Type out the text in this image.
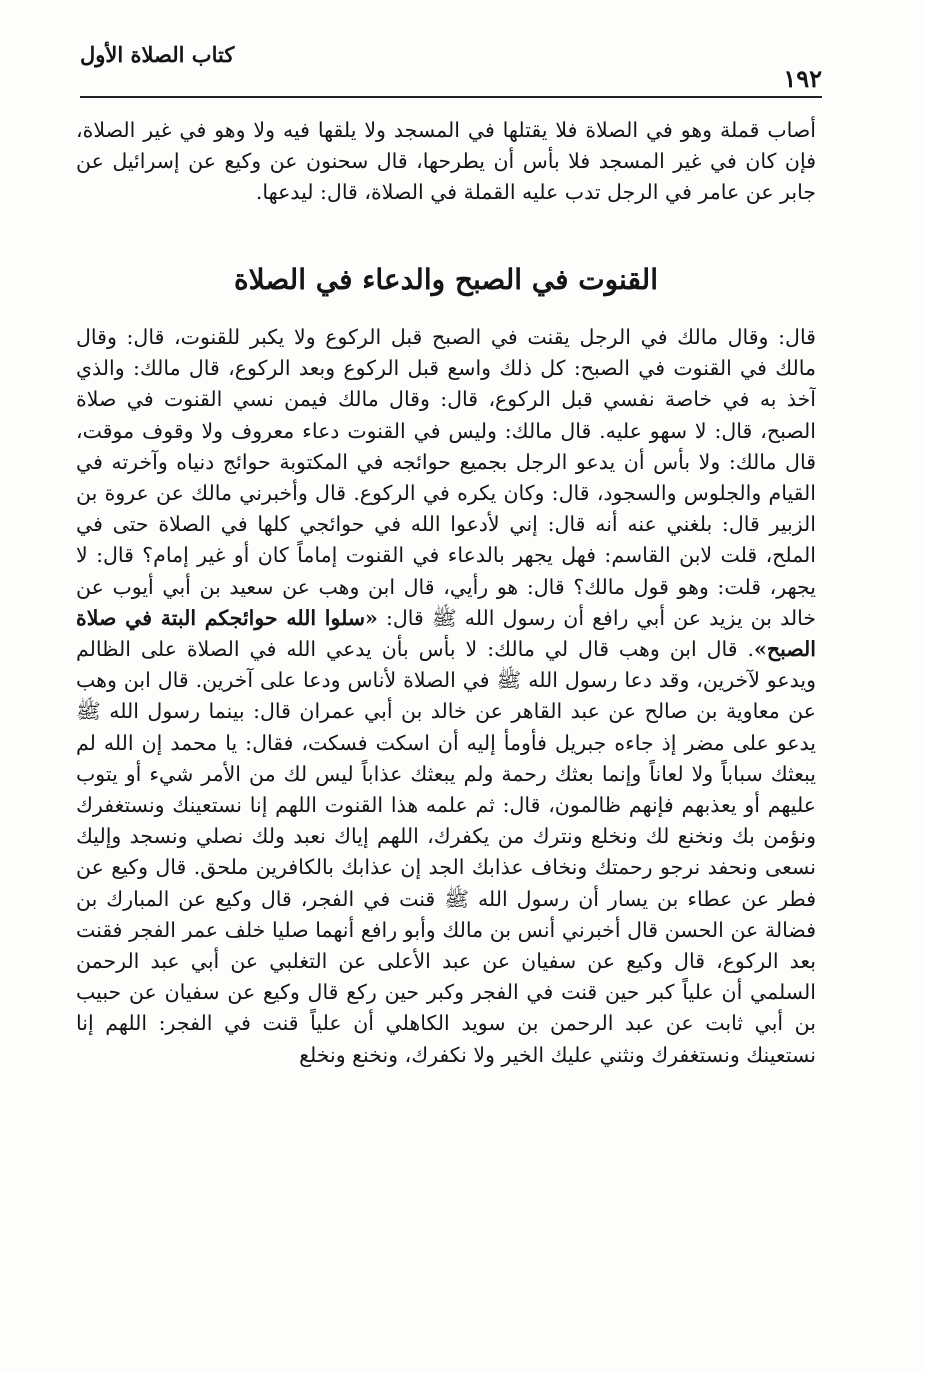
كتاب الصلاة الأول
١٩٢
أصاب قملة وهو في الصلاة فلا يقتلها في المسجد ولا يلقها فيه ولا وهو في غير الصلاة، فإن كان في غير المسجد فلا بأس أن يطرحها، قال سحنون عن وكيع عن إسرائيل عن جابر عن عامر في الرجل تدب عليه القملة في الصلاة، قال: ليدعها.
القنوت في الصبح والدعاء في الصلاة
قال: وقال مالك في الرجل يقنت في الصبح قبل الركوع ولا يكبر للقنوت، قال: وقال مالك في القنوت في الصبح: كل ذلك واسع قبل الركوع وبعد الركوع، قال مالك: والذي آخذ به في خاصة نفسي قبل الركوع، قال: وقال مالك فيمن نسي القنوت في صلاة الصبح، قال: لا سهو عليه. قال مالك: وليس في القنوت دعاء معروف ولا وقوف موقت، قال مالك: ولا بأس أن يدعو الرجل بجميع حوائجه في المكتوبة حوائج دنياه وآخرته في القيام والجلوس والسجود، قال: وكان يكره في الركوع. قال وأخبرني مالك عن عروة بن الزبير قال: بلغني عنه أنه قال: إني لأدعوا الله في حوائجي كلها في الصلاة حتى في الملح، قلت لابن القاسم: فهل يجهر بالدعاء في القنوت إماماً كان أو غير إمام؟ قال: لا يجهر، قلت: وهو قول مالك؟ قال: هو رأيي، قال ابن وهب عن سعيد بن أبي أيوب عن خالد بن يزيد عن أبي رافع أن رسول الله ﷺ قال: «سلوا الله حوائجكم البتة في صلاة الصبح». قال ابن وهب قال لي مالك: لا بأس بأن يدعي الله في الصلاة على الظالم ويدعو لآخرين، وقد دعا رسول الله ﷺ في الصلاة لأناس ودعا على آخرين. قال ابن وهب عن معاوية بن صالح عن عبد القاهر عن خالد بن أبي عمران قال: بينما رسول الله ﷺ يدعو على مضر إذ جاءه جبريل فأومأ إليه أن اسكت فسكت، فقال: يا محمد إن الله لم يبعثك سباباً ولا لعاناً وإنما بعثك رحمة ولم يبعثك عذاباً ليس لك من الأمر شيء أو يتوب عليهم أو يعذبهم فإنهم ظالمون، قال: ثم علمه هذا القنوت اللهم إنا نستعينك ونستغفرك ونؤمن بك ونخنع لك ونخلع ونترك من يكفرك، اللهم إياك نعبد ولك نصلي ونسجد وإليك نسعى ونحفد نرجو رحمتك ونخاف عذابك الجد إن عذابك بالكافرين ملحق. قال وكيع عن فطر عن عطاء بن يسار أن رسول الله ﷺ قنت في الفجر، قال وكيع عن المبارك بن فضالة عن الحسن قال أخبرني أنس بن مالك وأبو رافع أنهما صليا خلف عمر الفجر فقنت بعد الركوع، قال وكيع عن سفيان عن عبد الأعلى عن التغلبي عن أبي عبد الرحمن السلمي أن علياً كبر حين قنت في الفجر وكبر حين ركع قال وكيع عن سفيان عن حبيب بن أبي ثابت عن عبد الرحمن بن سويد الكاهلي أن علياً قنت في الفجر: اللهم إنا نستعينك ونستغفرك ونثني عليك الخير ولا نكفرك، ونخنع ونخلع
